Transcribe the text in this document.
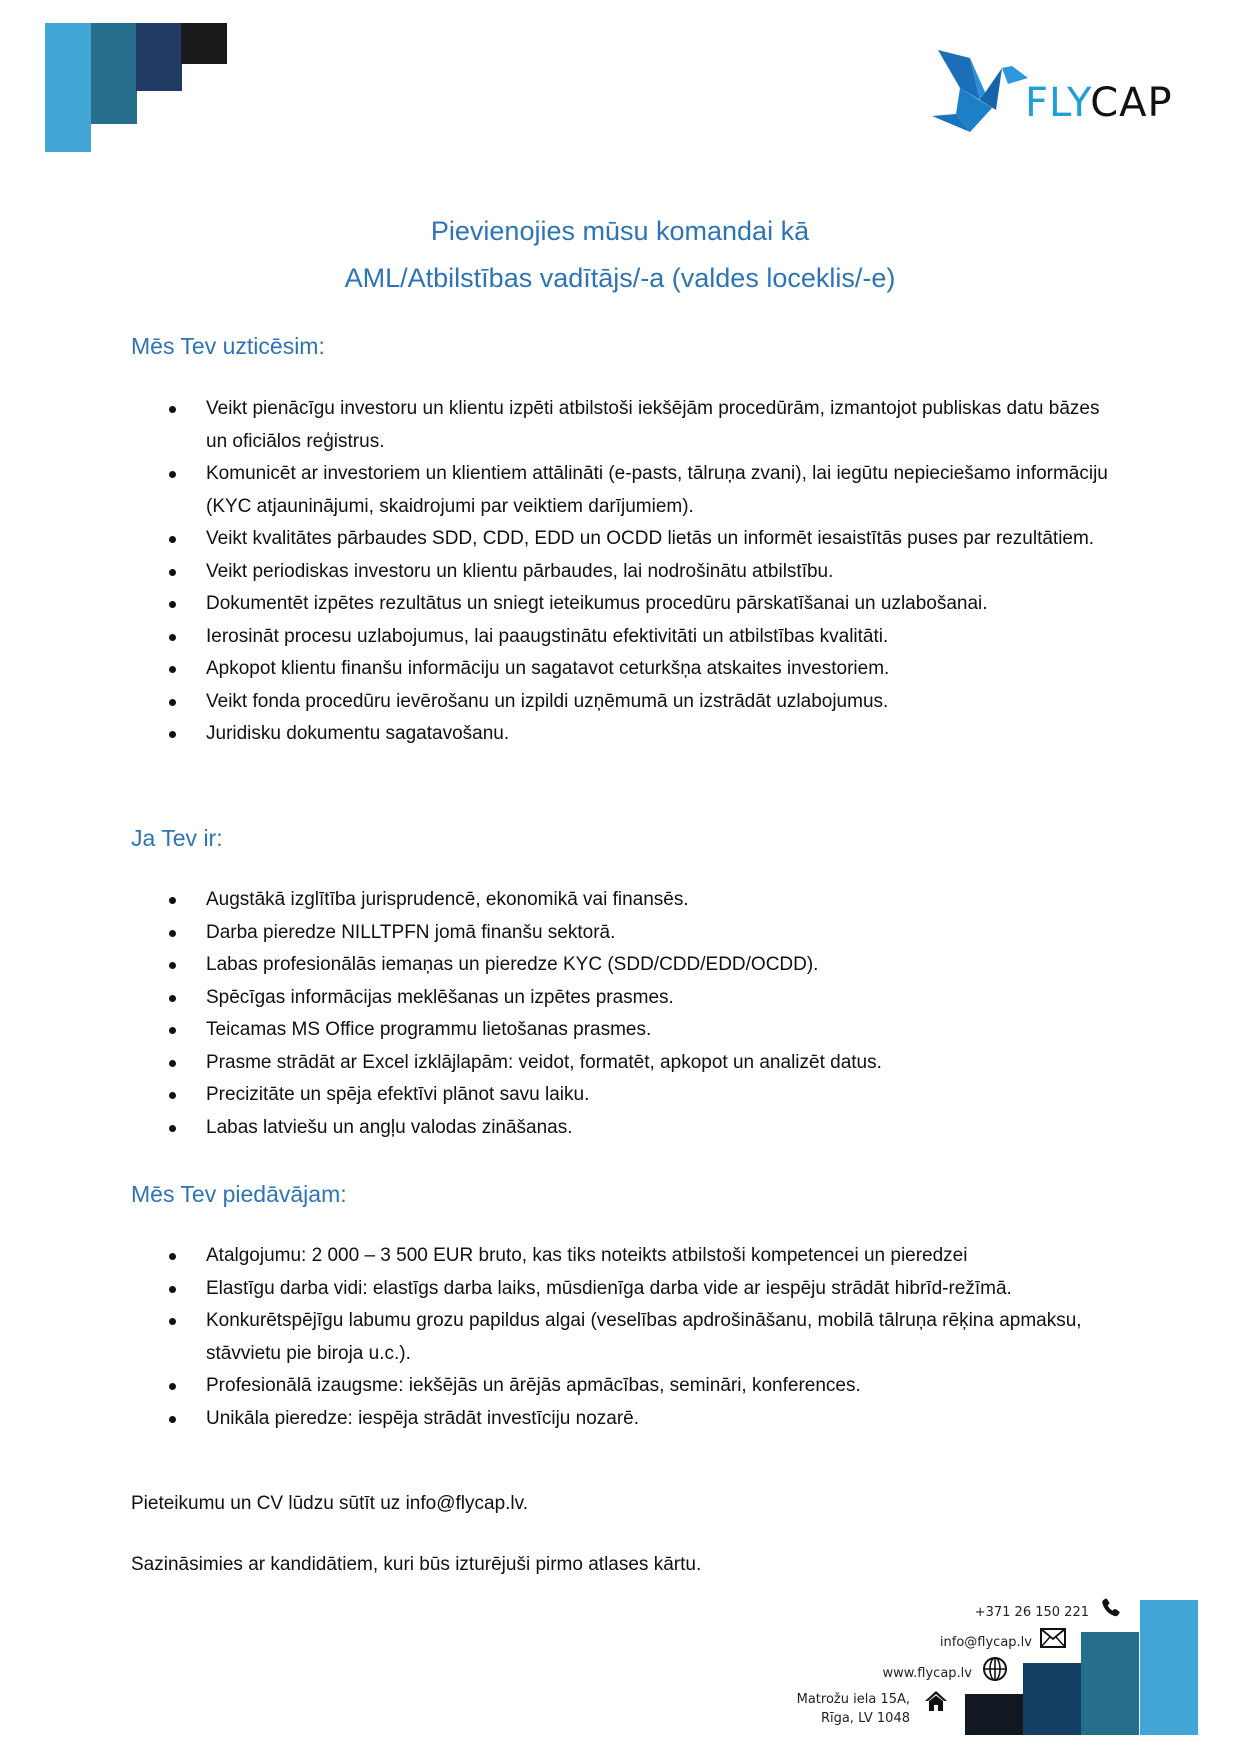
FLYCAP
Pievienojies mūsu komandai kā
AML/Atbilstības vadītājs/-a (valdes loceklis/-e)
Mēs Tev uzticēsim:
Veikt pienācīgu investoru un klientu izpēti atbilstoši iekšējām procedūrām, izmantojot publiskas datu bāzes un oficiālos reģistrus.
Komunicēt ar investoriem un klientiem attālināti (e-pasts, tālruņa zvani), lai iegūtu nepieciešamo informāciju (KYC atjauninājumi, skaidrojumi par veiktiem darījumiem).
Veikt kvalitātes pārbaudes SDD, CDD, EDD un OCDD lietās un informēt iesaistītās puses par rezultātiem.
Veikt periodiskas investoru un klientu pārbaudes, lai nodrošinātu atbilstību.
Dokumentēt izpētes rezultātus un sniegt ieteikumus procedūru pārskatīšanai un uzlabošanai.
Ierosināt procesu uzlabojumus, lai paaugstinātu efektivitāti un atbilstības kvalitāti.
Apkopot klientu finanšu informāciju un sagatavot ceturkšņa atskaites investoriem.
Veikt fonda procedūru ievērošanu un izpildi uzņēmumā un izstrādāt uzlabojumus.
Juridisku dokumentu sagatavošanu.
Ja Tev ir:
Augstākā izglītība jurisprudencē, ekonomikā vai finansēs.
Darba pieredze NILLTPFN jomā finanšu sektorā.
Labas profesionālās iemaņas un pieredze KYC (SDD/CDD/EDD/OCDD).
Spēcīgas informācijas meklēšanas un izpētes prasmes.
Teicamas MS Office programmu lietošanas prasmes.
Prasme strādāt ar Excel izklājlapām: veidot, formatēt, apkopot un analizēt datus.
Precizitāte un spēja efektīvi plānot savu laiku.
Labas latviešu un angļu valodas zināšanas.
Mēs Tev piedāvājam:
Atalgojumu: 2 000 – 3 500 EUR bruto, kas tiks noteikts atbilstoši kompetencei un pieredzei
Elastīgu darba vidi: elastīgs darba laiks, mūsdienīga darba vide ar iespēju strādāt hibrīd-režīmā.
Konkurētspējīgu labumu grozu papildus algai (veselības apdrošināšanu, mobilā tālruņa rēķina apmaksu, stāvvietu pie biroja u.c.).
Profesionālā izaugsme: iekšējās un ārējās apmācības, semināri, konferences.
Unikāla pieredze: iespēja strādāt investīciju nozarē.
Pieteikumu un CV lūdzu sūtīt uz info@flycap.lv.
Sazināsimies ar kandidātiem, kuri būs izturējuši pirmo atlases kārtu.
+371 26 150 221
info@flycap.lv
www.flycap.lv
Matrožu iela 15A,
Rīga, LV 1048
